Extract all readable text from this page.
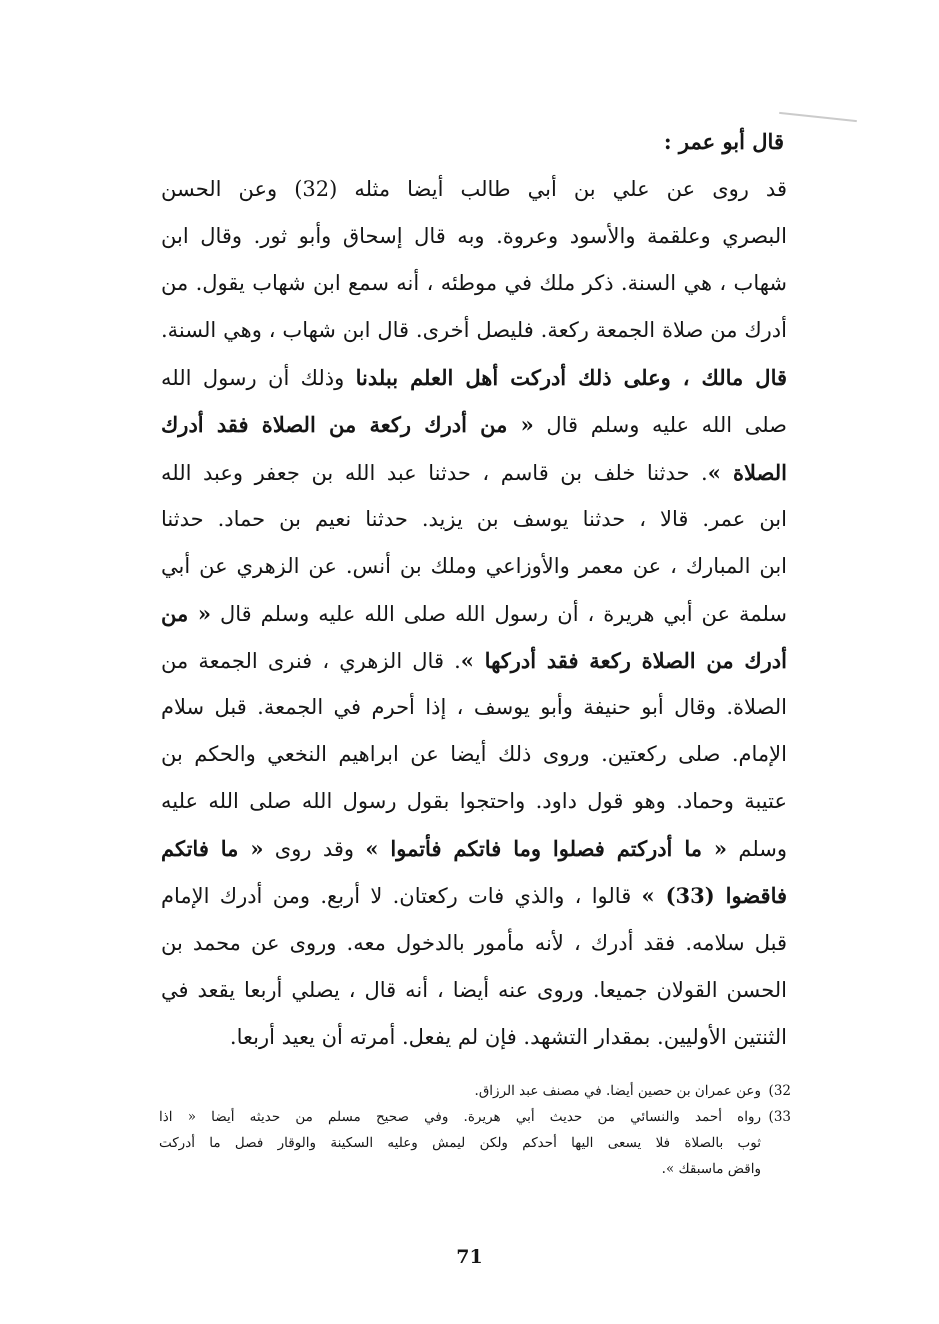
قال أبو عمر :
قد روى عن علي بن أبي طالب أيضا مثله (32) وعن الحسن
البصري وعلقمة والأسود وعروة. وبه قال إسحاق وأبو ثور. وقال ابن
شهاب ، هي السنة. ذكر ملك في موطئه ، أنه سمع ابن شهاب يقول. من
أدرك من صلاة الجمعة ركعة. فليصل أخرى. قال ابن شهاب ، وهي السنة.
قال مالك ، وعلى ذلك أدركت أهل العلم ببلدنا وذلك أن رسول الله
صلى الله عليه وسلم قال « من أدرك ركعة من الصلاة فقد أدرك
الصلاة ». حدثنا خلف بن قاسم ، حدثنا عبد الله بن جعفر وعبد الله
ابن عمر. قالا ، حدثنا يوسف بن يزيد. حدثنا نعيم بن حماد. حدثنا
ابن المبارك ، عن معمر والأوزاعي وملك بن أنس. عن الزهري عن أبي
سلمة عن أبي هريرة ، أن رسول الله صلى الله عليه وسلم قال « من
أدرك من الصلاة ركعة فقد أدركها ». قال الزهري ، فنرى الجمعة من
الصلاة. وقال أبو حنيفة وأبو يوسف ، إذا أحرم في الجمعة. قبل سلام
الإمام. صلى ركعتين. وروى ذلك أيضا عن ابراهيم النخعي والحكم بن
عتيبة وحماد. وهو قول داود. واحتجوا بقول رسول الله صلى الله عليه
وسلم « ما أدركتم فصلوا وما فاتكم فأتموا » وقد روى « ما فاتكم
فاقضوا (33) » قالوا ، والذي فات ركعتان. لا أربع. ومن أدرك الإمام
قبل سلامه. فقد أدرك ، لأنه مأمور بالدخول معه. وروى عن محمد بن
الحسن القولان جميعا. وروى عنه أيضا ، أنه قال ، يصلي أربعا يقعد في
الثنتين الأوليين. بمقدار التشهد. فإن لم يفعل. أمرته أن يعيد أربعا.
(32
وعن عمران بن حصين أيضا. في مصنف عبد الرزاق.
(33
رواه أحمد والنسائي من حديث أبي هريرة. وفي صحيح مسلم من حديثه أيضا « اذا
ثوب بالصلاة فلا يسعى اليها أحدكم ولكن ليمش وعليه السكينة والوقار فصل ما أدركت
واقض ماسبقك ».
71
